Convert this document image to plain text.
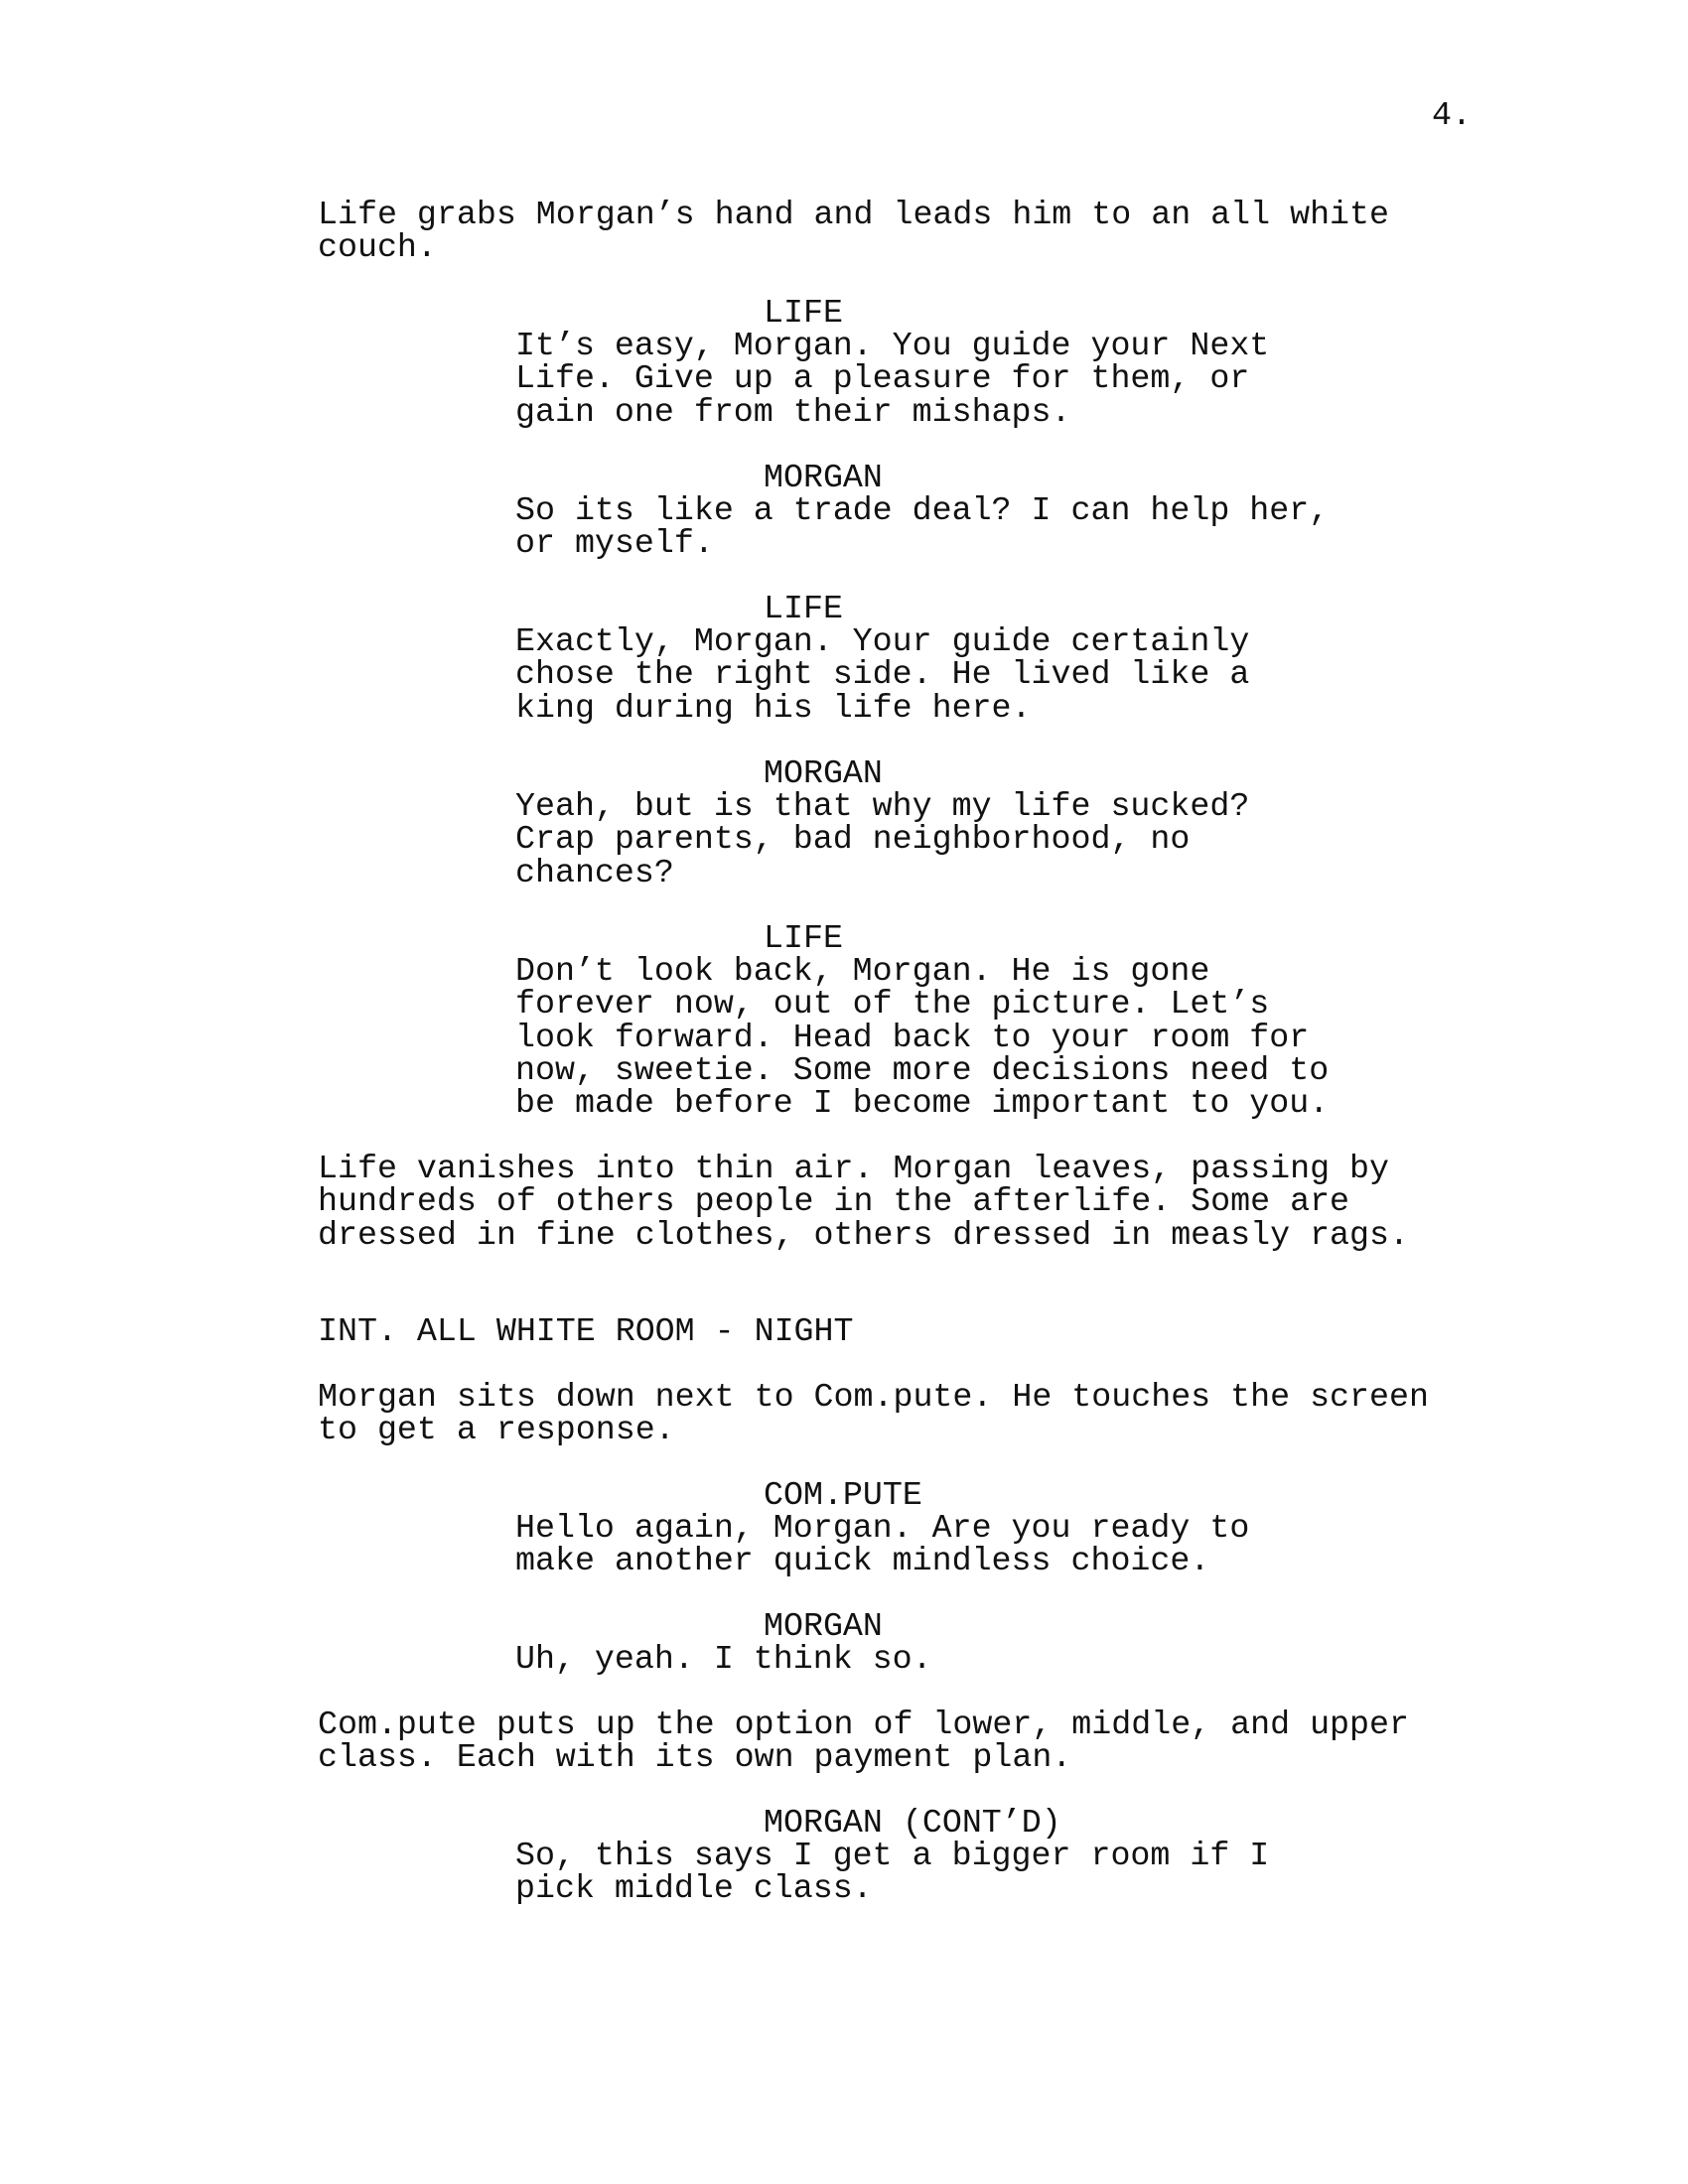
4.
Life grabs Morgan’s hand and leads him to an all white
couch.
LIFE
It’s easy, Morgan. You guide your Next
Life. Give up a pleasure for them, or
gain one from their mishaps.
MORGAN
So its like a trade deal? I can help her,
or myself.
LIFE
Exactly, Morgan. Your guide certainly
chose the right side. He lived like a
king during his life here.
MORGAN
Yeah, but is that why my life sucked?
Crap parents, bad neighborhood, no
chances?
LIFE
Don’t look back, Morgan. He is gone
forever now, out of the picture. Let’s
look forward. Head back to your room for
now, sweetie. Some more decisions need to
be made before I become important to you.
Life vanishes into thin air. Morgan leaves, passing by
hundreds of others people in the afterlife. Some are
dressed in fine clothes, others dressed in measly rags.
INT. ALL WHITE ROOM - NIGHT
Morgan sits down next to Com.pute. He touches the screen
to get a response.
COM.PUTE
Hello again, Morgan. Are you ready to
make another quick mindless choice.
MORGAN
Uh, yeah. I think so.
Com.pute puts up the option of lower, middle, and upper
class. Each with its own payment plan.
MORGAN (CONT’D)
So, this says I get a bigger room if I
pick middle class.
